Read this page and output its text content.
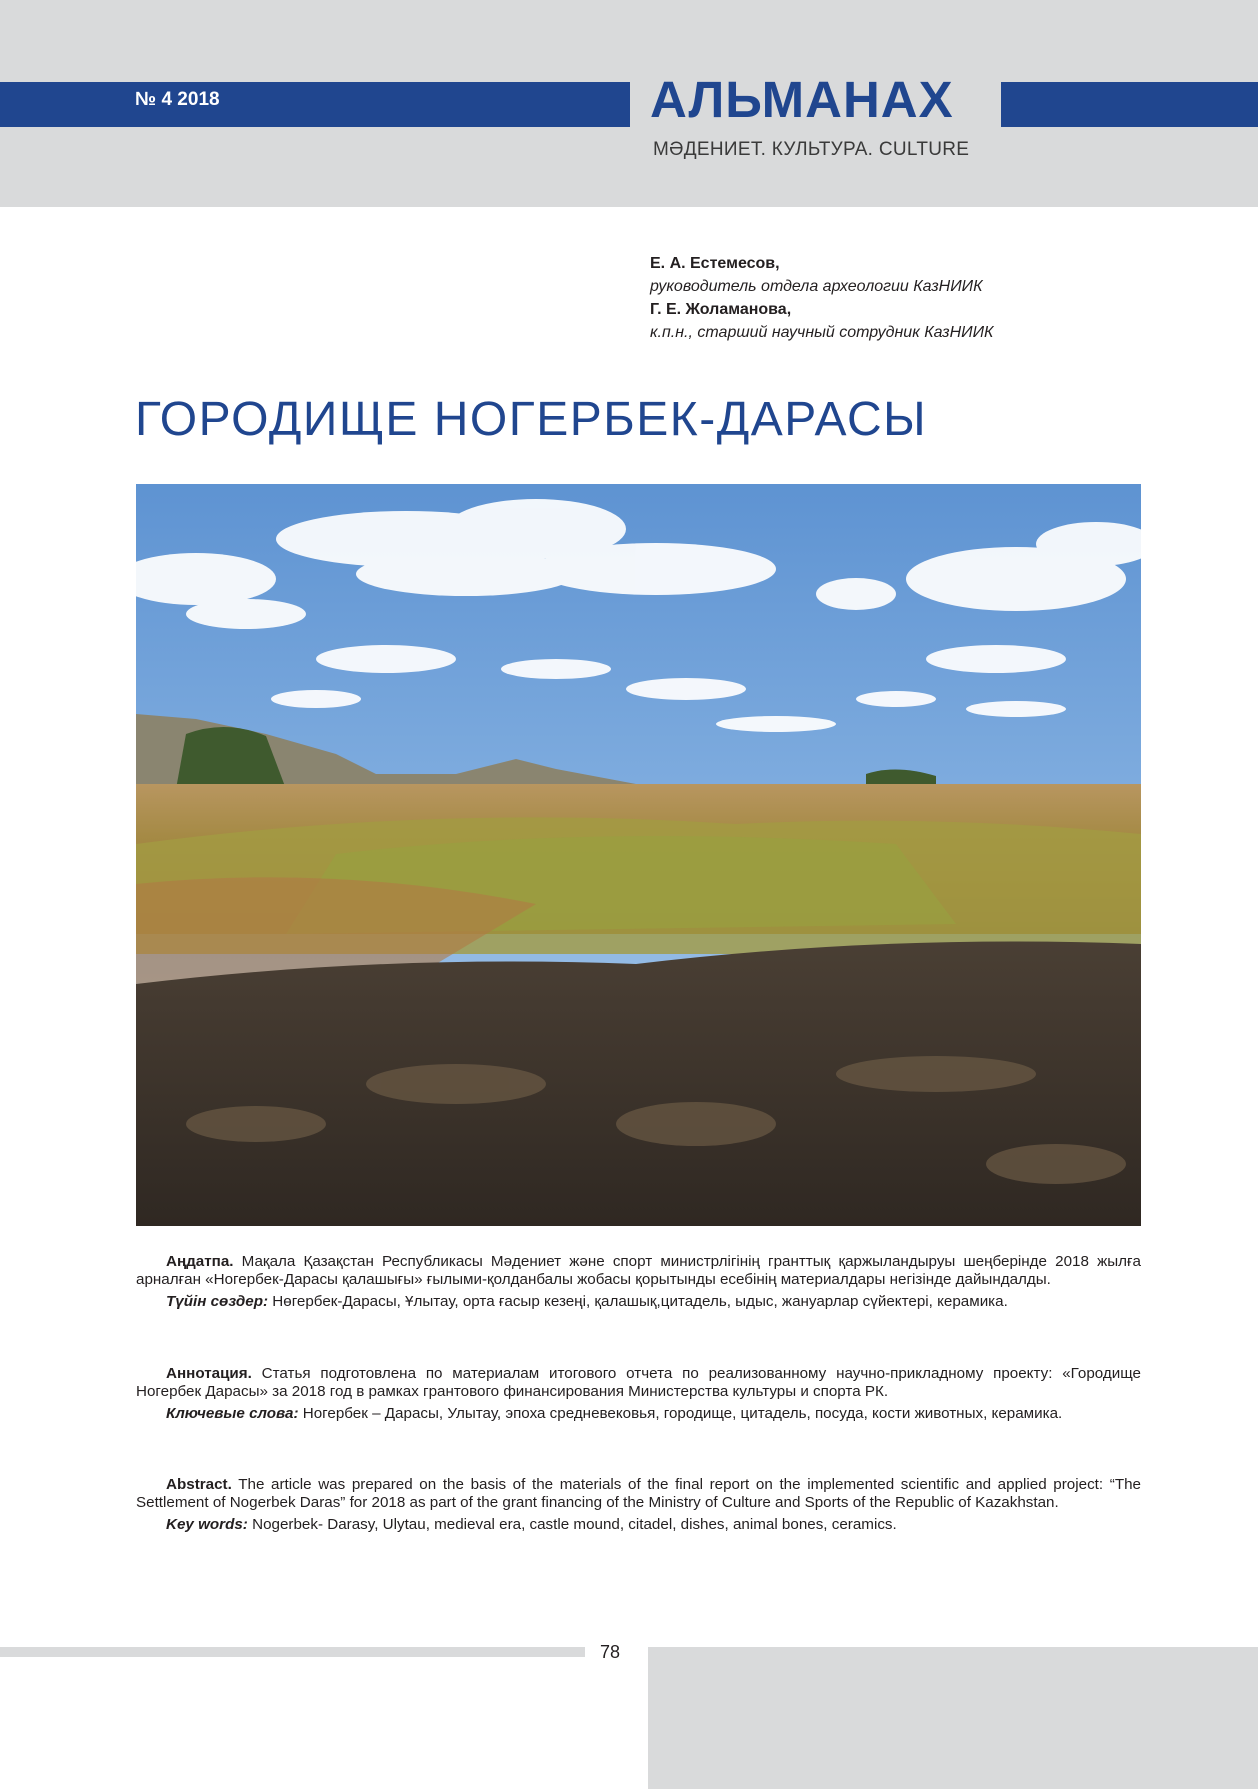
№ 4 2018	АЛЬМАНАХ
МӘДЕНИЕТ. КУЛЬТУРА. CULTURE
Е. А. Естемесов,
руководитель отдела археологии КазНИИК
Г. Е. Жоламанова,
к.п.н., старший научный сотрудник КазНИИК
ГОРОДИЩЕ НОГЕРБЕК-ДАРАСЫ

Аңдатпа. Мақала Қазақстан Республикасы Мәдениет және спорт министрлігінің гранттық қаржыландыруы шеңберінде 2018 жылға арналған «Ногербек-Дарасы қалашығы» ғылыми-қолданбалы жобасы қорытынды есебінің материалдары негізінде дайындалды.

Түйін сөздер: Нөгербек-Дарасы, Ұлытау, орта ғасыр кезеңі, қалашық,цитадель, ыдыс, жануарлар сүйектері, керамика.

Аннотация. Статья подготовлена по материалам итогового отчета по реализованному научно-прикладному проекту: «Городище Ногербек Дарасы» за 2018 год в рамках грантового финансирования Министерства культуры и спорта РК.

Ключевые слова: Ногербек – Дарасы, Улытау, эпоха средневековья, городище, цитадель, посуда, кости животных, керамика.

Abstract. The article was prepared on the basis of the materials of the final report on the implemented scientific and applied project: “The Settlement of Nogerbek Daras” for 2018 as part of the grant financing of the Ministry of Culture and Sports of the Republic of Kazakhstan.

Key words: Nogerbek- Darasy, Ulytau, medieval era, castle mound, citadel, dishes, animal bones, ceramics.

78
